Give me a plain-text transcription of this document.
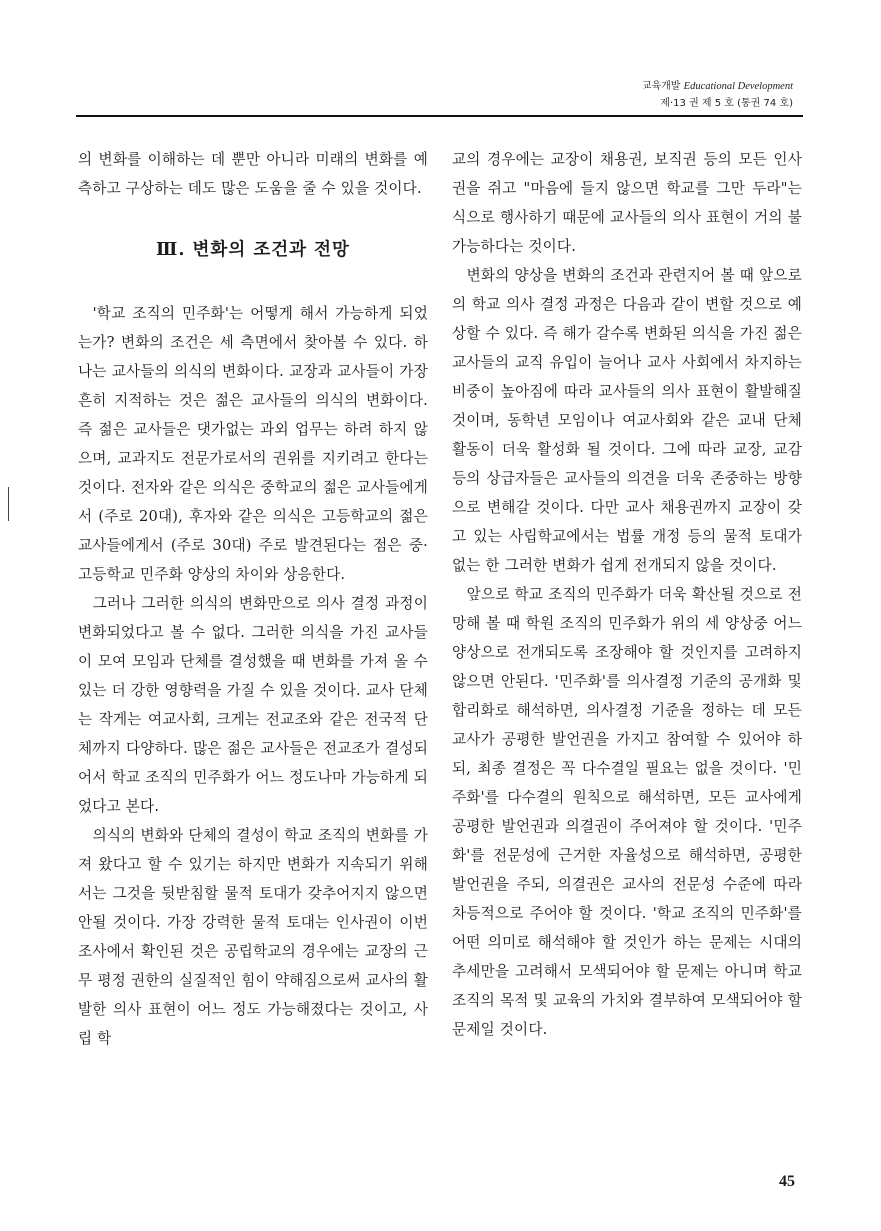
교육개발 Educational Development
제·13 권 제 5 호 (통권 74 호)

의 변화를 이해하는 데 뿐만 아니라 미래의 변화를 예측하고 구상하는 데도 많은 도움을 줄 수 있을 것이다.

Ⅲ. 변화의 조건과 전망

'학교 조직의 민주화'는 어떻게 해서 가능하게 되었는가? 변화의 조건은 세 측면에서 찾아볼 수 있다. 하나는 교사들의 의식의 변화이다. 교장과 교사들이 가장 흔히 지적하는 것은 젊은 교사들의 의식의 변화이다. 즉 젊은 교사들은 댓가없는 과외 업무는 하려 하지 않으며, 교과지도 전문가로서의 권위를 지키려고 한다는 것이다. 전자와 같은 의식은 중학교의 젊은 교사들에게서 (주로 20대), 후자와 같은 의식은 고등학교의 젊은 교사들에게서 (주로 30대) 주로 발견된다는 점은 중·고등학교 민주화 양상의 차이와 상응한다.

그러나 그러한 의식의 변화만으로 의사 결정 과정이 변화되었다고 볼 수 없다. 그러한 의식을 가진 교사들이 모여 모임과 단체를 결성했을 때 변화를 가져 올 수 있는 더 강한 영향력을 가질 수 있을 것이다. 교사 단체는 작게는 여교사회, 크게는 전교조와 같은 전국적 단체까지 다양하다. 많은 젊은 교사들은 전교조가 결성되어서 학교 조직의 민주화가 어느 정도나마 가능하게 되었다고 본다.

의식의 변화와 단체의 결성이 학교 조직의 변화를 가져 왔다고 할 수 있기는 하지만 변화가 지속되기 위해서는 그것을 뒷받침할 물적 토대가 갖추어지지 않으면 안될 것이다. 가장 강력한 물적 토대는 인사권이 이번 조사에서 확인된 것은 공립학교의 경우에는 교장의 근무 평정 권한의 실질적인 힘이 약해짐으로써 교사의 활발한 의사 표현이 어느 정도 가능해졌다는 것이고, 사립 학

교의 경우에는 교장이 채용권, 보직권 등의 모든 인사권을 쥐고 "마음에 들지 않으면 학교를 그만 두라"는 식으로 행사하기 때문에 교사들의 의사 표현이 거의 불가능하다는 것이다.

변화의 양상을 변화의 조건과 관련지어 볼 때 앞으로의 학교 의사 결정 과정은 다음과 같이 변할 것으로 예상할 수 있다. 즉 해가 갈수록 변화된 의식을 가진 젊은 교사들의 교직 유입이 늘어나 교사 사회에서 차지하는 비중이 높아짐에 따라 교사들의 의사 표현이 활발해질 것이며, 동학년 모임이나 여교사회와 같은 교내 단체 활동이 더욱 활성화 될 것이다. 그에 따라 교장, 교감 등의 상급자들은 교사들의 의견을 더욱 존중하는 방향으로 변해갈 것이다. 다만 교사 채용권까지 교장이 갖고 있는 사립학교에서는 법률 개정 등의 물적 토대가 없는 한 그러한 변화가 쉽게 전개되지 않을 것이다.

앞으로 학교 조직의 민주화가 더욱 확산될 것으로 전망해 볼 때 학원 조직의 민주화가 위의 세 양상중 어느 양상으로 전개되도록 조장해야 할 것인지를 고려하지 않으면 안된다. '민주화'를 의사결정 기준의 공개화 및 합리화로 해석하면, 의사결정 기준을 정하는 데 모든 교사가 공평한 발언권을 가지고 참여할 수 있어야 하되, 최종 결정은 꼭 다수결일 필요는 없을 것이다. '민주화'를 다수결의 원칙으로 해석하면, 모든 교사에게 공평한 발언권과 의결권이 주어져야 할 것이다. '민주화'를 전문성에 근거한 자율성으로 해석하면, 공평한 발언권을 주되, 의결권은 교사의 전문성 수준에 따라 차등적으로 주어야 할 것이다. '학교 조직의 민주화'를 어떤 의미로 해석해야 할 것인가 하는 문제는 시대의 추세만을 고려해서 모색되어야 할 문제는 아니며 학교 조직의 목적 및 교육의 가치와 결부하여 모색되어야 할 문제일 것이다.

45
